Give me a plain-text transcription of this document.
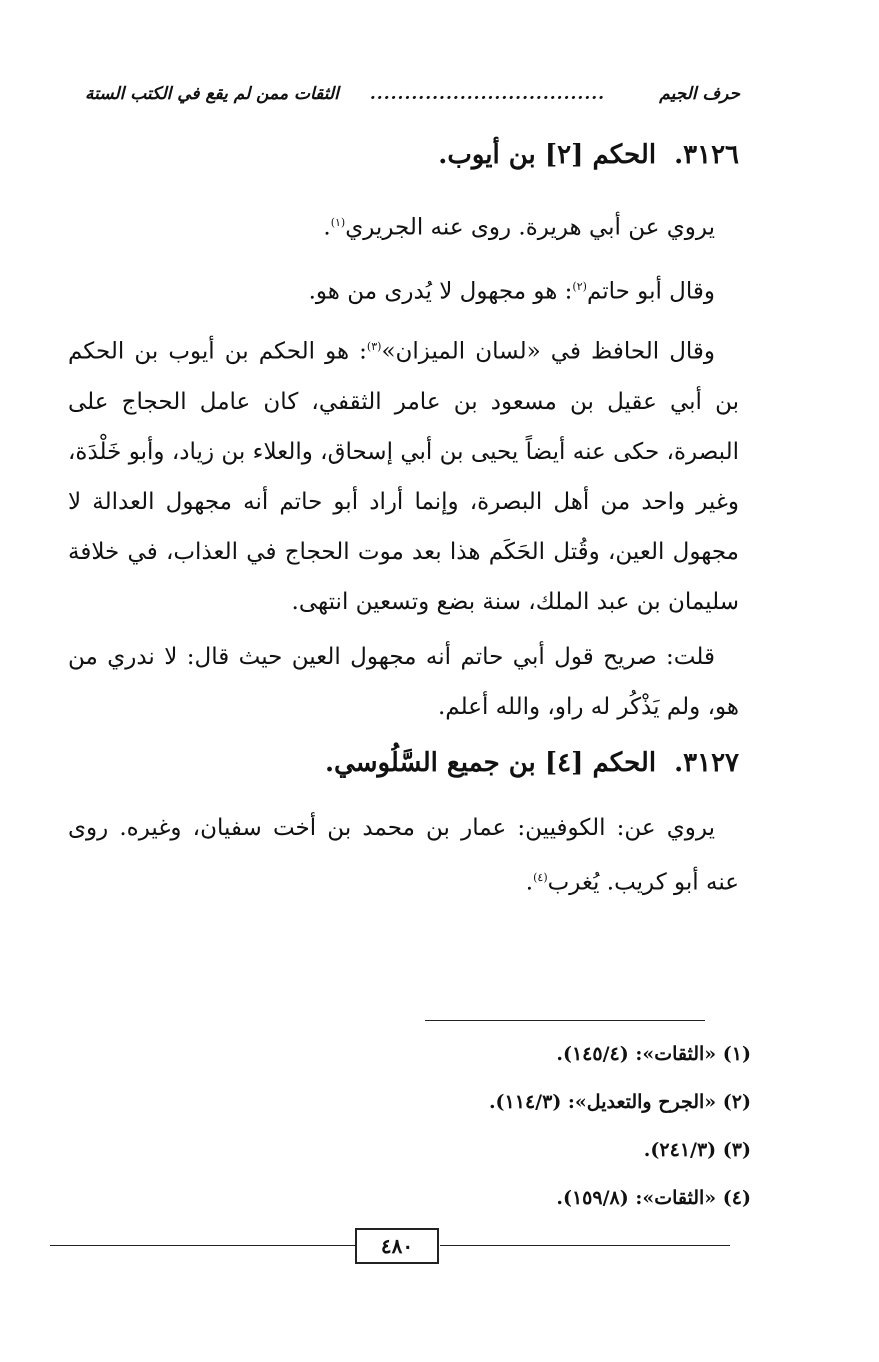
حرف الجيم
..................................
الثقات ممن لم يقع في الكتب الستة
٣١٢٦.الحكم [٢] بن أيوب.
يروي عن أبي هريرة. روى عنه الجريري$^{(١)}$.
وقال أبو حاتم$^{(٢)}$: هو مجهول لا يُدرى من هو.
وقال الحافظ في «لسان الميزان»$^{(٣)}$: هو الحكم بن أيوب بن الحكم بن أبي عقيل بن مسعود بن عامر الثقفي، كان عامل الحجاج على البصرة، حكى عنه أيضاً يحيى بن أبي إسحاق، والعلاء بن زياد، وأبو خَلْدَة، وغير واحد من أهل البصرة، وإنما أراد أبو حاتم أنه مجهول العدالة لا مجهول العين، وقُتل الحَكَم هذا بعد موت الحجاج في العذاب، في خلافة سليمان بن عبد الملك، سنة بضع وتسعين انتهى.
قلت: صريح قول أبي حاتم أنه مجهول العين حيث قال: لا ندري من هو، ولم يَذْكُر له راو، والله أعلم.
٣١٢٧.الحكم [٤] بن جميع السَّلُوسي.
يروي عن: الكوفيين: عمار بن محمد بن أخت سفيان، وغيره. روى عنه أبو كريب. يُغرب$^{(٤)}$.
(١) «الثقات»: (١٤٥/٤).
(٢) «الجرح والتعديل»: (١١٤/٣).
(٣) (٢٤١/٣).
(٤) «الثقات»: (١٥٩/٨).
٤٨٠
